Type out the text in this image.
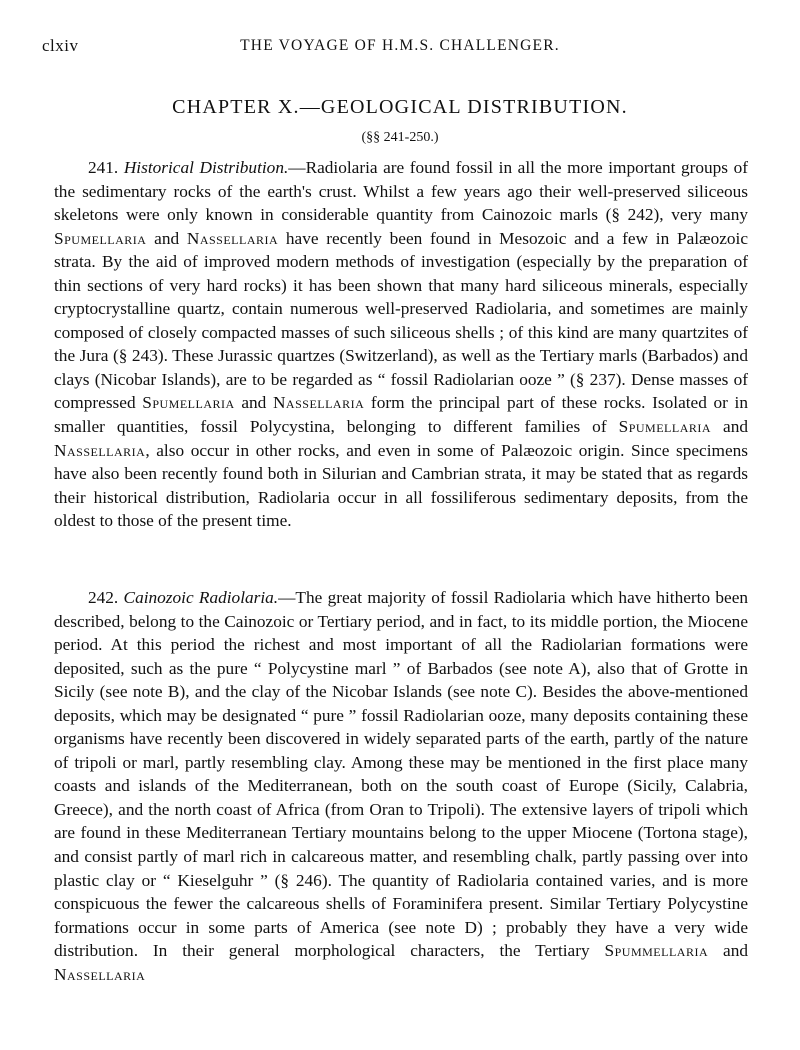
clxiv	THE VOYAGE OF H.M.S. CHALLENGER.
CHAPTER X.—GEOLOGICAL DISTRIBUTION.
(§§ 241-250.)

241. Historical Distribution.—Radiolaria are found fossil in all the more important groups of the sedimentary rocks of the earth's crust. Whilst a few years ago their well-preserved siliceous skeletons were only known in considerable quantity from Cainozoic marls (§ 242), very many Spumellaria and Nassellaria have recently been found in Mesozoic and a few in Palæozoic strata. By the aid of improved modern methods of investigation (especially by the preparation of thin sections of very hard rocks) it has been shown that many hard siliceous minerals, especially cryptocrystalline quartz, contain numerous well-preserved Radiolaria, and sometimes are mainly composed of closely compacted masses of such siliceous shells ; of this kind are many quartzites of the Jura (§ 243). These Jurassic quartzes (Switzerland), as well as the Tertiary marls (Barbados) and clays (Nicobar Islands), are to be regarded as “ fossil Radiolarian ooze ” (§ 237). Dense masses of compressed Spumellaria and Nassellaria form the principal part of these rocks. Isolated or in smaller quantities, fossil Polycystina, belonging to different families of Spumellaria and Nassellaria, also occur in other rocks, and even in some of Palæozoic origin. Since specimens have also been recently found both in Silurian and Cambrian strata, it may be stated that as regards their historical distribution, Radiolaria occur in all fossiliferous sedimentary deposits, from the oldest to those of the present time.

242. Cainozoic Radiolaria.—The great majority of fossil Radiolaria which have hitherto been described, belong to the Cainozoic or Tertiary period, and in fact, to its middle portion, the Miocene period. At this period the richest and most important of all the Radiolarian formations were deposited, such as the pure “ Polycystine marl ” of Barbados (see note A), also that of Grotte in Sicily (see note B), and the clay of the Nicobar Islands (see note C). Besides the above-mentioned deposits, which may be designated “ pure ” fossil Radiolarian ooze, many deposits containing these organisms have recently been discovered in widely separated parts of the earth, partly of the nature of tripoli or marl, partly resembling clay. Among these may be mentioned in the first place many coasts and islands of the Mediterranean, both on the south coast of Europe (Sicily, Calabria, Greece), and the north coast of Africa (from Oran to Tripoli). The extensive layers of tripoli which are found in these Mediterranean Tertiary mountains belong to the upper Miocene (Tortona stage), and consist partly of marl rich in calcareous matter, and resembling chalk, partly passing over into plastic clay or “ Kieselguhr ” (§ 246). The quantity of Radiolaria contained varies, and is more conspicuous the fewer the calcareous shells of Foraminifera present. Similar Tertiary Polycystine formations occur in some parts of America (see note D) ; probably they have a very wide distribution. In their general morphological characters, the Tertiary Spummellaria and Nassellaria
